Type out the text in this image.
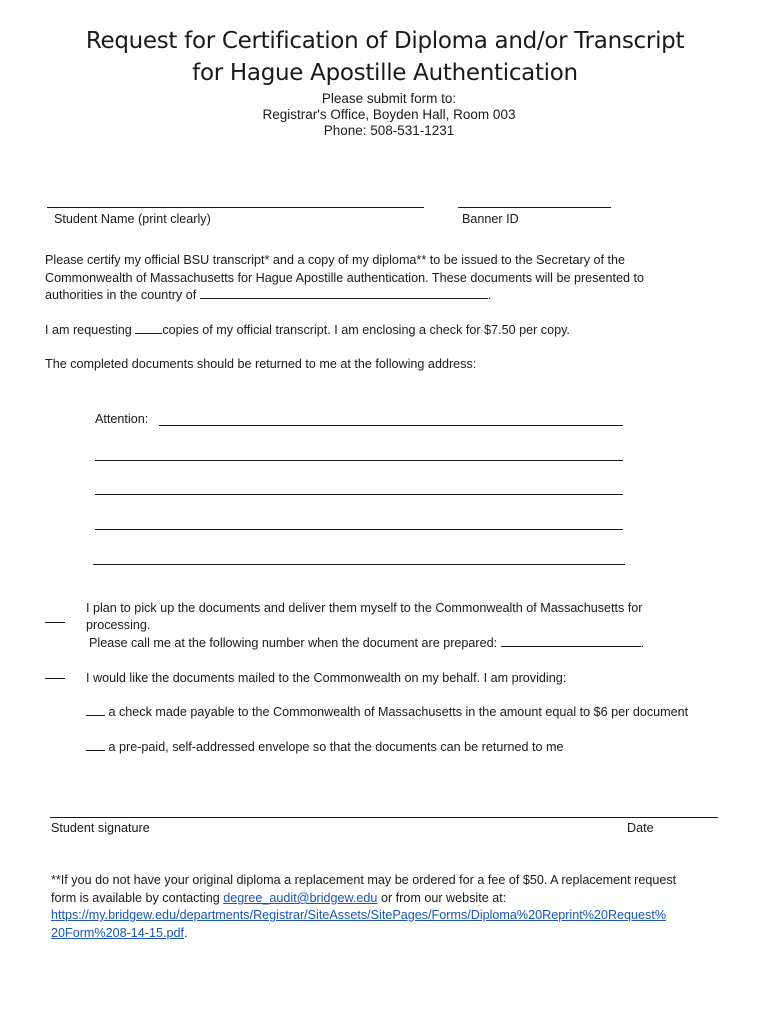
Request for Certification of Diploma and/or Transcript
for Hague Apostille Authentication
Please submit form to:
Registrar's Office, Boyden Hall, Room 003
Phone: 508-531-1231
Student Name (print clearly)	Banner ID
Please certify my official BSU transcript* and a copy of my diploma** to be issued to the Secretary of the
Commonwealth of Massachusetts for Hague Apostille authentication. These documents will be presented to
authorities in the country of	.
I am requesting copies of my official transcript. I am enclosing a check for $7.50 per copy.
The completed documents should be returned to me at the following address:
Attention:
I plan to pick up the documents and deliver them myself to the Commonwealth of Massachusetts for
processing.
Please call me at the following number when the document are prepared:	.
I would like the documents mailed to the Commonwealth on my behalf. I am providing:
a check made payable to the Commonwealth of Massachusetts in the amount equal to $6 per document
a pre-paid, self-addressed envelope so that the documents can be returned to me
Student signature	Date
**If you do not have your original diploma a replacement may be ordered for a fee of $50. A replacement request
form is available by contacting degree_audit@bridgew.edu or from our website at:
https://my.bridgew.edu/departments/Registrar/SiteAssets/SitePages/Forms/Diploma%20Reprint%20Request%
20Form%208-14-15.pdf.
